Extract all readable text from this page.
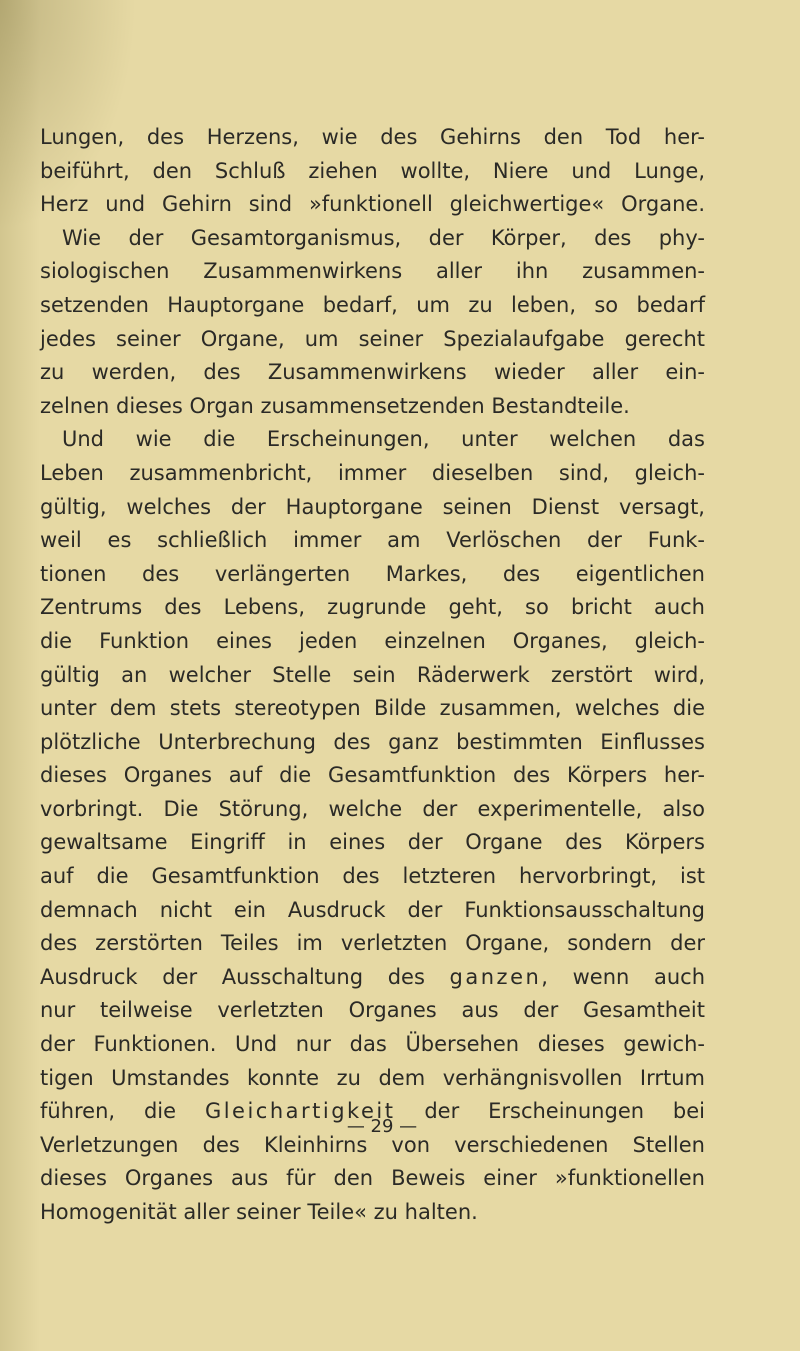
Lungen, des Herzens, wie des Gehirns den Tod her-
beiführt, den Schluß ziehen wollte, Niere und Lunge,
Herz und Gehirn sind »funktionell gleichwertige« Organe.
Wie der Gesamtorganismus, der Körper, des phy-
siologischen Zusammenwirkens aller ihn zusammen-
setzenden Hauptorgane bedarf, um zu leben, so bedarf
jedes seiner Organe, um seiner Spezialaufgabe gerecht
zu werden, des Zusammenwirkens wieder aller ein-
zelnen dieses Organ zusammensetzenden Bestandteile.
Und wie die Erscheinungen, unter welchen das
Leben zusammenbricht, immer dieselben sind, gleich-
gültig, welches der Hauptorgane seinen Dienst versagt,
weil es schließlich immer am Verlöschen der Funk-
tionen des verlängerten Markes, des eigentlichen
Zentrums des Lebens, zugrunde geht, so bricht auch
die Funktion eines jeden einzelnen Organes, gleich-
gültig an welcher Stelle sein Räderwerk zerstört wird,
unter dem stets stereotypen Bilde zusammen, welches die
plötzliche Unterbrechung des ganz bestimmten Einflusses
dieses Organes auf die Gesamtfunktion des Körpers her-
vorbringt. Die Störung, welche der experimentelle, also
gewaltsame Eingriff in eines der Organe des Körpers
auf die Gesamtfunktion des letzteren hervorbringt, ist
demnach nicht ein Ausdruck der Funktionsausschaltung
des zerstörten Teiles im verletzten Organe, sondern der
Ausdruck der Ausschaltung des ganzen, wenn auch
nur teilweise verletzten Organes aus der Gesamtheit
der Funktionen. Und nur das Übersehen dieses gewich-
tigen Umstandes konnte zu dem verhängnisvollen Irrtum
führen, die Gleichartigkeit der Erscheinungen bei
Verletzungen des Kleinhirns von verschiedenen Stellen
dieses Organes aus für den Beweis einer »funktionellen
Homogenität aller seiner Teile« zu halten.
— 29 —
